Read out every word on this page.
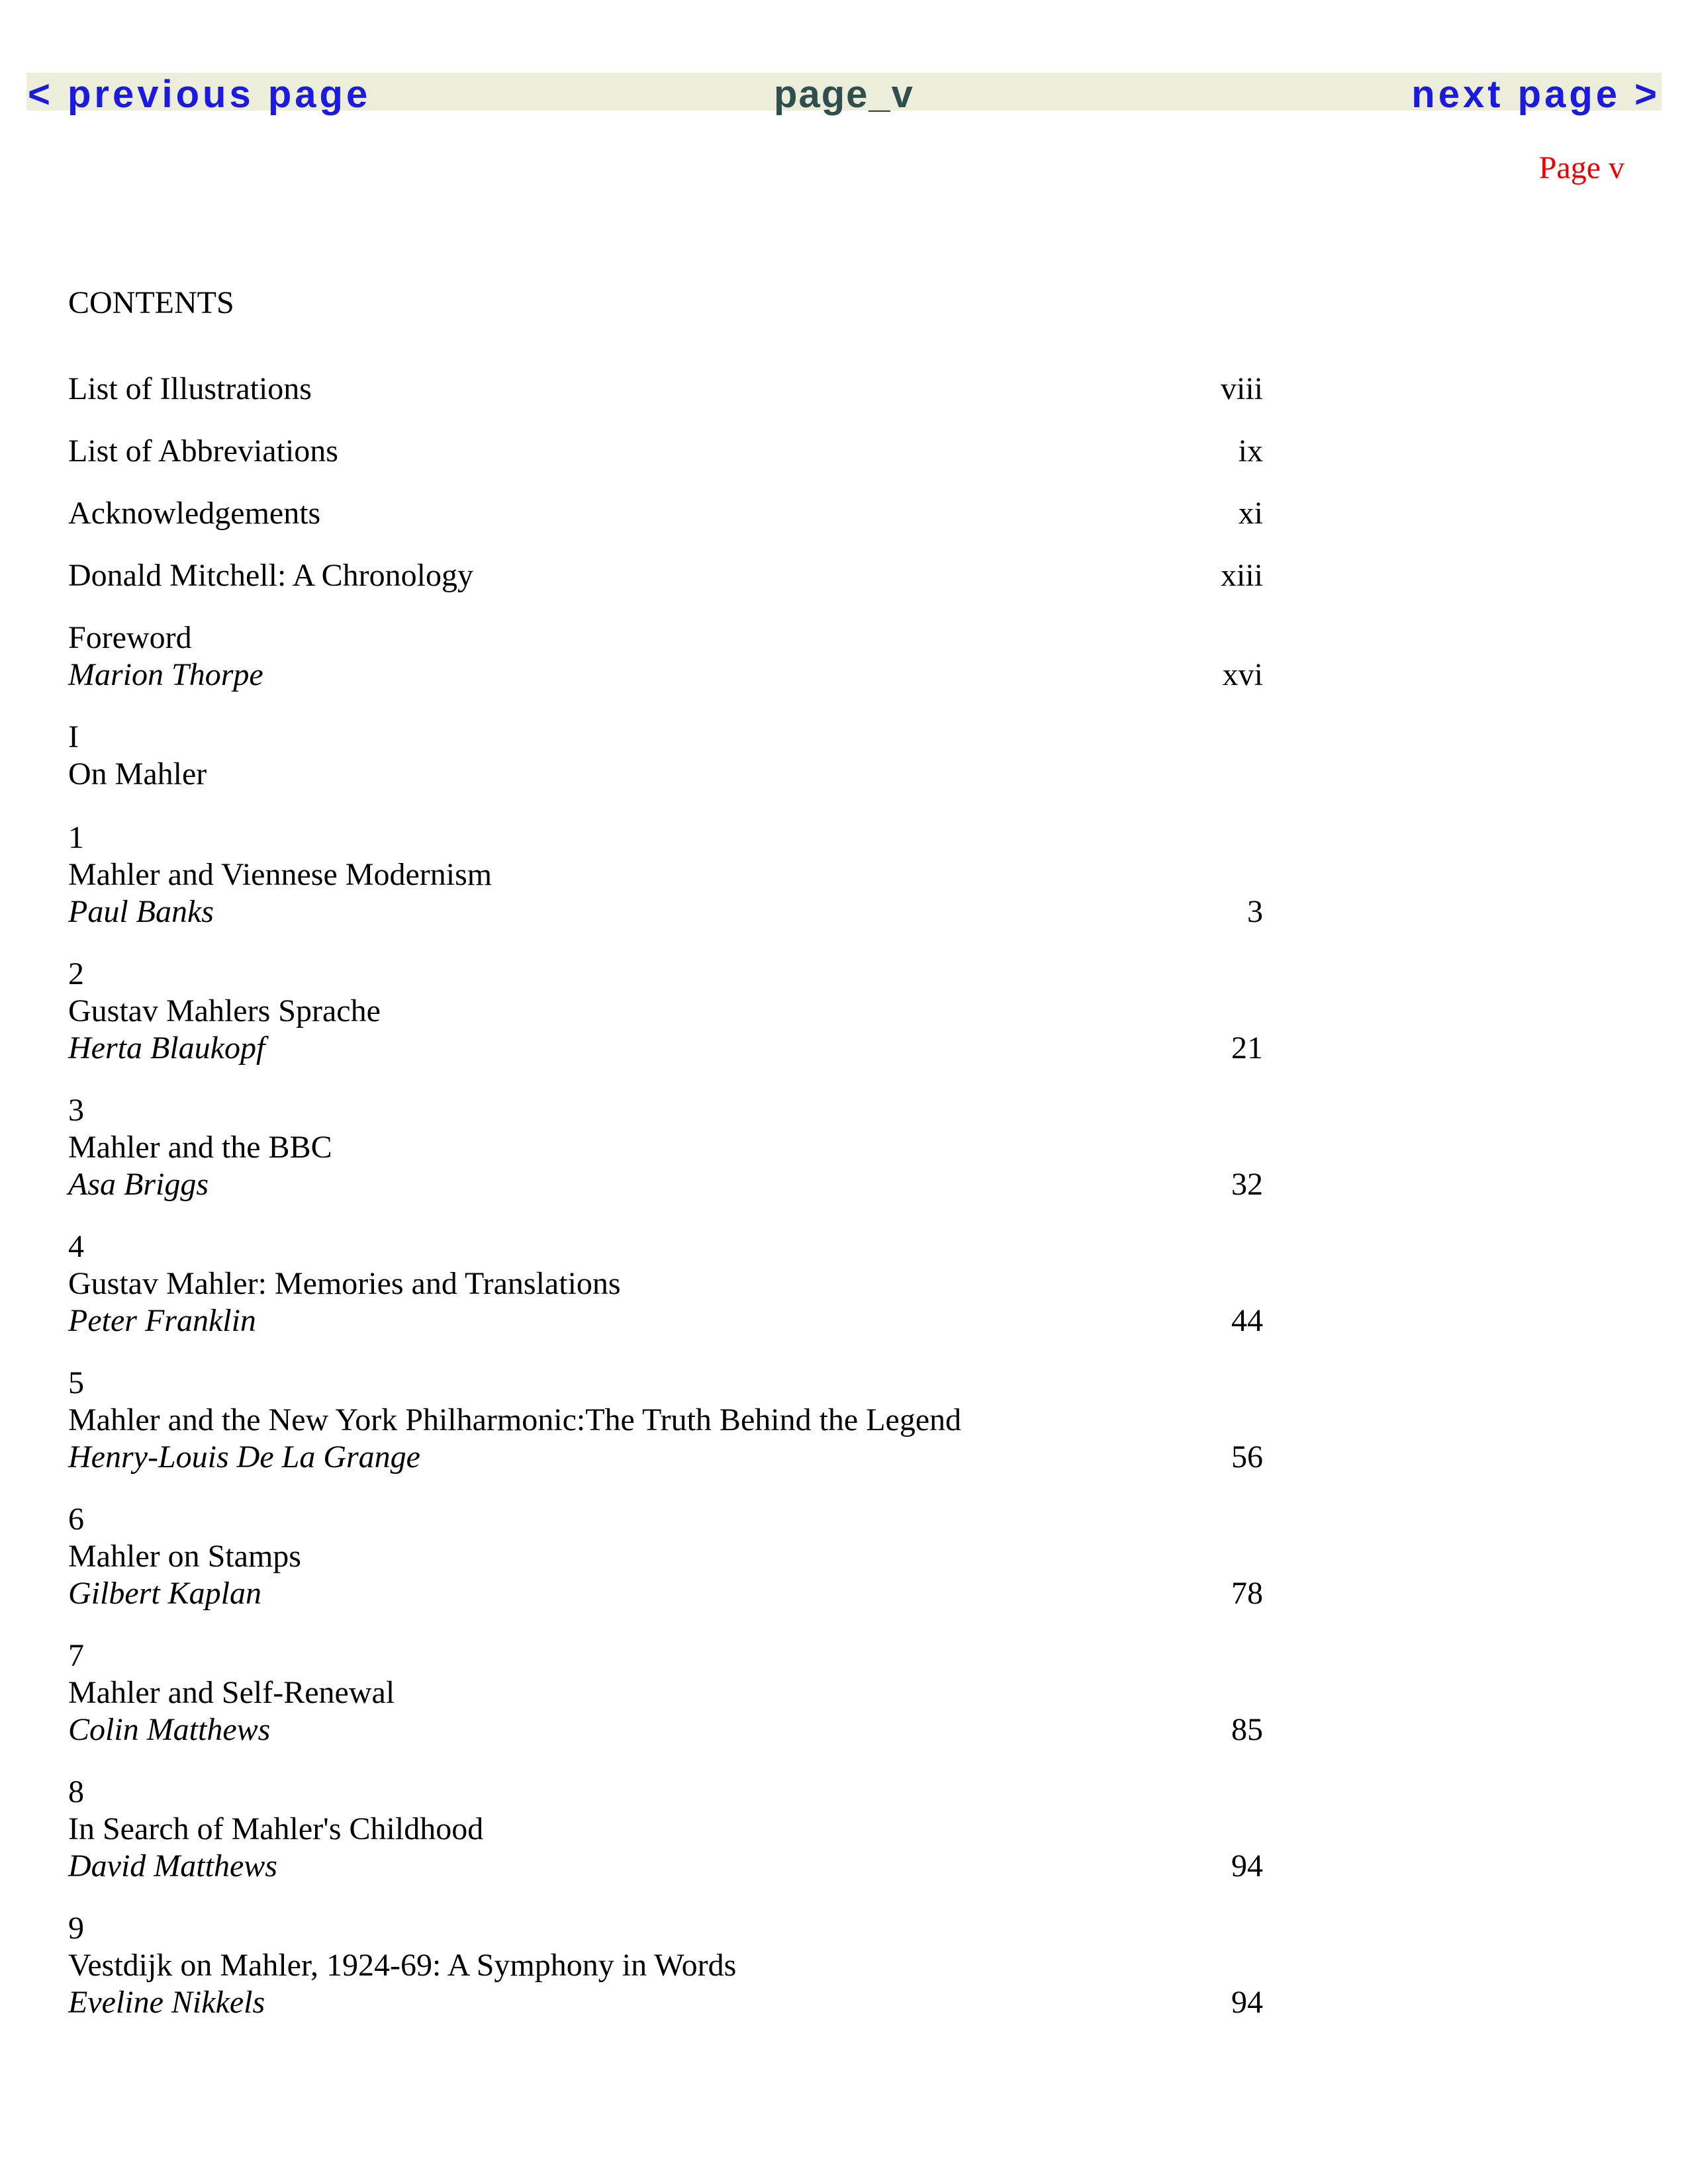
< previous page	page_v	next page >
Page v
CONTENTS
List of Illustrations	viii
List of Abbreviations	ix
Acknowledgements	xi
Donald Mitchell: A Chronology	xiii
Foreword
Marion Thorpe	xvi
I
On Mahler
1
Mahler and Viennese Modernism
Paul Banks	3
2
Gustav Mahlers Sprache
Herta Blaukopf	21
3
Mahler and the BBC
Asa Briggs	32
4
Gustav Mahler: Memories and Translations
Peter Franklin	44
5
Mahler and the New York Philharmonic:The Truth Behind the Legend
Henry-Louis De La Grange	56
6
Mahler on Stamps
Gilbert Kaplan	78
7
Mahler and Self-Renewal
Colin Matthews	85
8
In Search of Mahler's Childhood
David Matthews	94
9
Vestdijk on Mahler, 1924-69: A Symphony in Words
Eveline Nikkels	94
